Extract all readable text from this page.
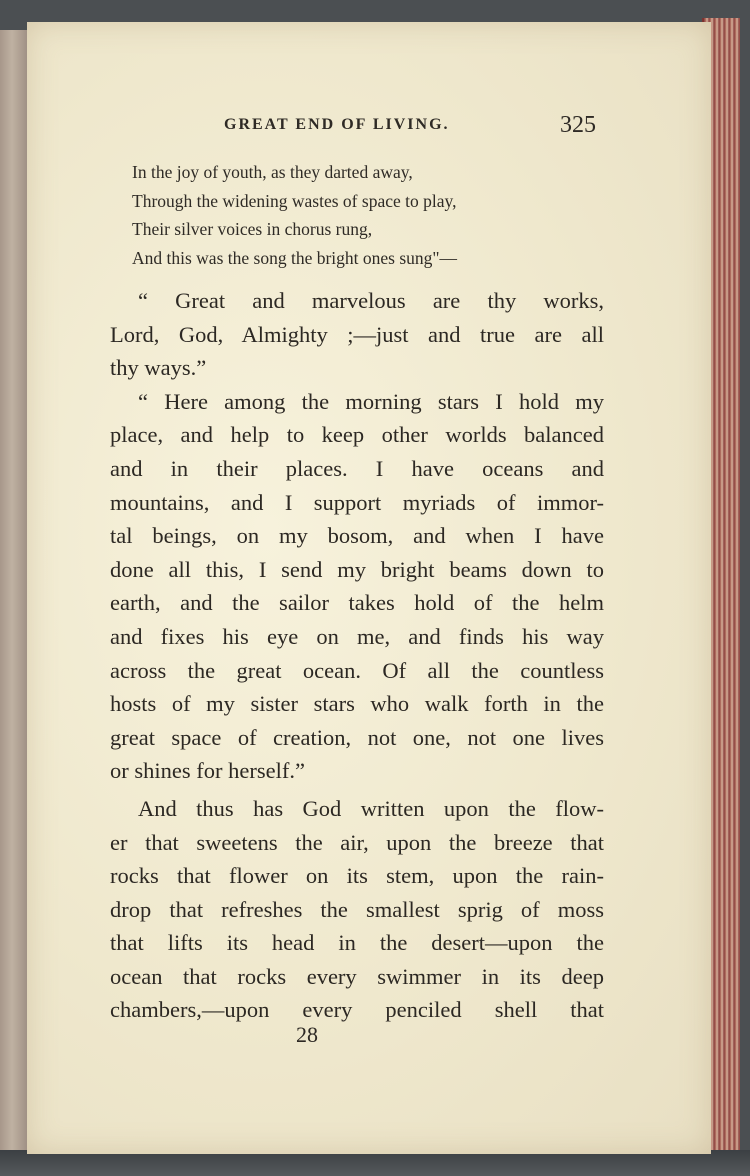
GREAT END OF LIVING.	325
In the joy of youth, as they darted away,
Through the widening wastes of space to play,
Their silver voices in chorus rung,
And this was the song the bright ones sung"—
“ Great and marvelous are thy works,
Lord, God, Almighty ;—just and true are all
thy ways.”
“ Here among the morning stars I hold my
place, and help to keep other worlds balanced
and in their places. I have oceans and
mountains, and I support myriads of immor-
tal beings, on my bosom, and when I have
done all this, I send my bright beams down to
earth, and the sailor takes hold of the helm
and fixes his eye on me, and finds his way
across the great ocean. Of all the countless
hosts of my sister stars who walk forth in the
great space of creation, not one, not one lives
or shines for herself.”
And thus has God written upon the flow-
er that sweetens the air, upon the breeze that
rocks that flower on its stem, upon the rain-
drop that refreshes the smallest sprig of moss
that lifts its head in the desert—upon the
ocean that rocks every swimmer in its deep
chambers,—upon every penciled shell that
28
